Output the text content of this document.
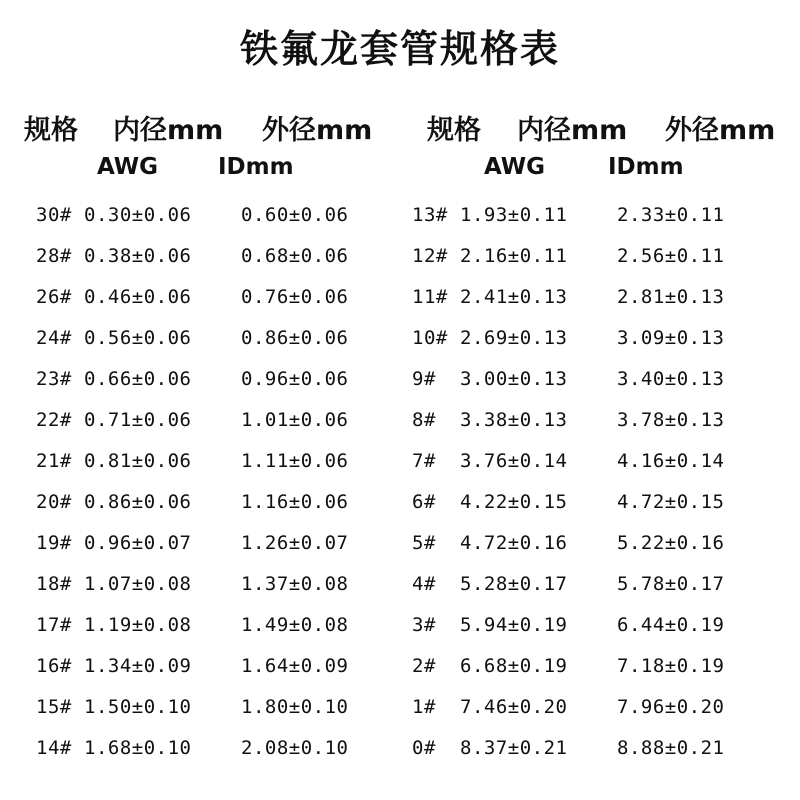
铁氟龙套管规格表
规格 内径mm 外径mm
AWG	IDmm
规格 内径mm 外径mm
AWG	IDmm
30# 0.30±0.06	0.60±0.06	13# 1.93±0.11	2.33±0.11
28# 0.38±0.06	0.68±0.06	12# 2.16±0.11	2.56±0.11
26# 0.46±0.06	0.76±0.06	11# 2.41±0.13	2.81±0.13
24# 0.56±0.06	0.86±0.06	10# 2.69±0.13	3.09±0.13
23# 0.66±0.06	0.96±0.06	9# 3.00±0.13	3.40±0.13
22# 0.71±0.06	1.01±0.06	8# 3.38±0.13	3.78±0.13
21# 0.81±0.06	1.11±0.06	7# 3.76±0.14	4.16±0.14
20# 0.86±0.06	1.16±0.06	6# 4.22±0.15	4.72±0.15
19# 0.96±0.07	1.26±0.07	5# 4.72±0.16	5.22±0.16
18# 1.07±0.08	1.37±0.08	4# 5.28±0.17	5.78±0.17
17# 1.19±0.08	1.49±0.08	3# 5.94±0.19	6.44±0.19
16# 1.34±0.09	1.64±0.09	2# 6.68±0.19	7.18±0.19
15# 1.50±0.10	1.80±0.10	1# 7.46±0.20	7.96±0.20
14# 1.68±0.10	2.08±0.10	0# 8.37±0.21	8.88±0.21
